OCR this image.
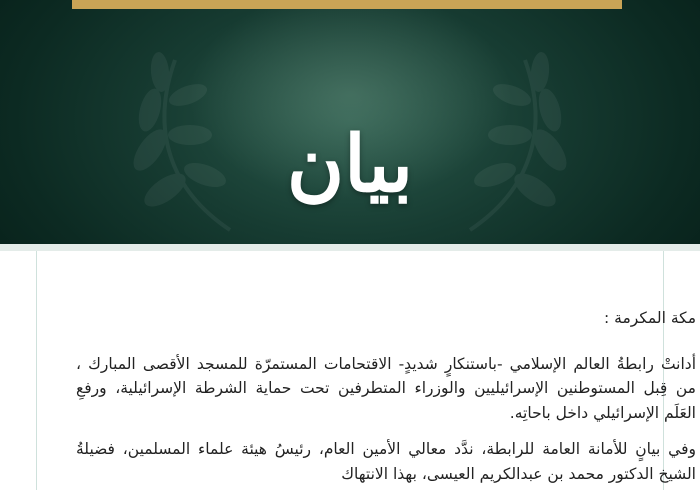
بيان

مكة المكرمة :

أدانتْ رابطةُ العالم الإسلامي -باستنكارٍ شديدٍ- الاقتحامات المستمرّة للمسجد الأقصى المبارك ، من قِبل المستوطنين الإسرائيليين والوزراء المتطرفين تحت حماية الشرطة الإسرائيلية، ورفعِ العَلَم الإسرائيلي داخل باحاتِه.

وفي بيانٍ للأمانة العامة للرابطة، ندَّد معالي الأمين العام، رئيسُ هيئة علماء المسلمين، فضيلةُ الشيخ الدكتور محمد بن عبدالكريم العيسى، بهذا الانتهاك
